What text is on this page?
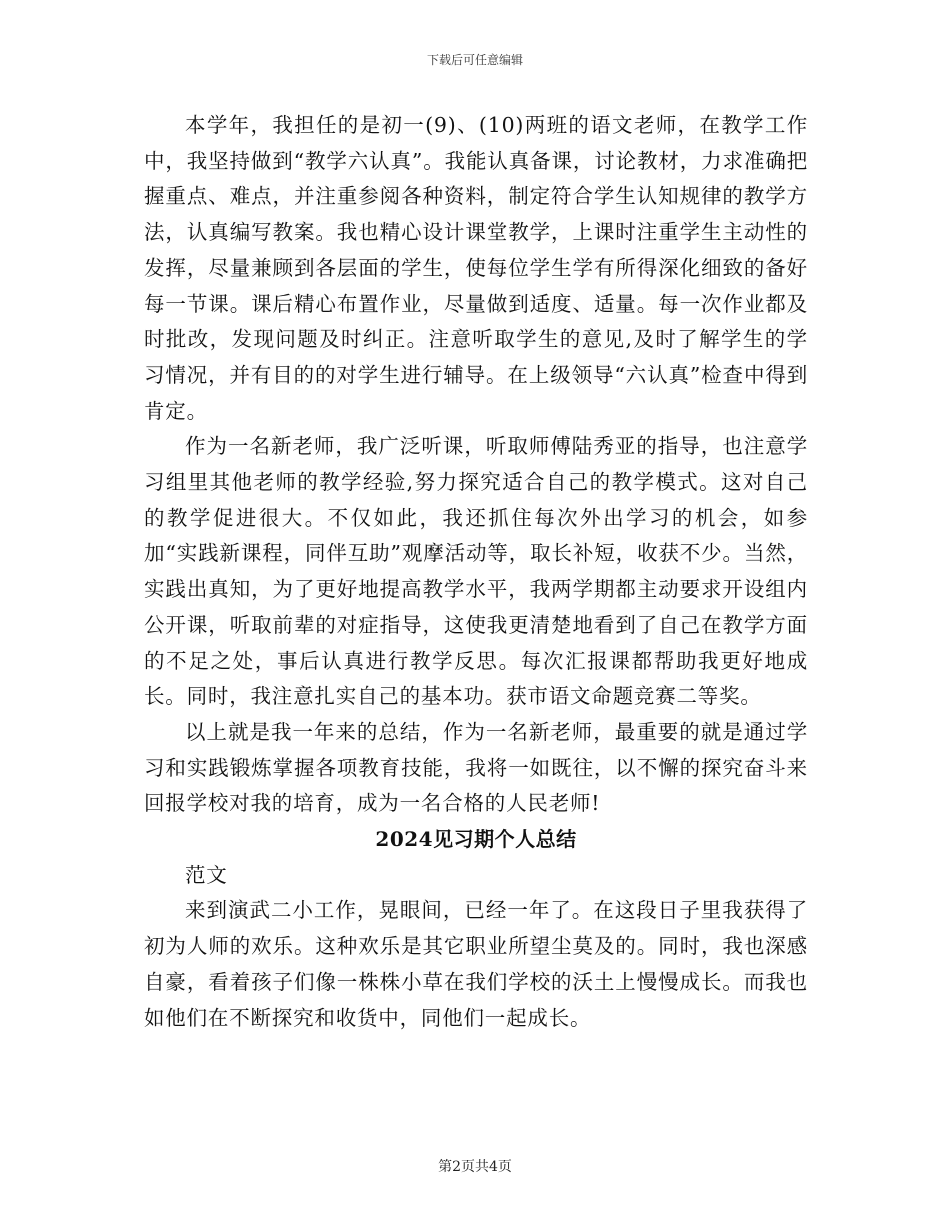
下载后可任意编辑

本学年，我担任的是初一(9)、(10)两班的语文老师，在教学工作中，我坚持做到“教学六认真”。我能认真备课，讨论教材，力求准确把握重点、难点，并注重参阅各种资料，制定符合学生认知规律的教学方法，认真编写教案。我也精心设计课堂教学，上课时注重学生主动性的发挥，尽量兼顾到各层面的学生，使每位学生学有所得深化细致的备好每一节课。课后精心布置作业，尽量做到适度、适量。每一次作业都及时批改，发现问题及时纠正。注意听取学生的意见,及时了解学生的学习情况，并有目的的对学生进行辅导。在上级领导“六认真”检查中得到肯定。

作为一名新老师，我广泛听课，听取师傅陆秀亚的指导，也注意学习组里其他老师的教学经验,努力探究适合自己的教学模式。这对自己的教学促进很大。不仅如此，我还抓住每次外出学习的机会，如参加“实践新课程，同伴互助”观摩活动等，取长补短，收获不少。当然，实践出真知，为了更好地提高教学水平，我两学期都主动要求开设组内公开课，听取前辈的对症指导，这使我更清楚地看到了自己在教学方面的不足之处，事后认真进行教学反思。每次汇报课都帮助我更好地成长。同时，我注意扎实自己的基本功。获市语文命题竞赛二等奖。

以上就是我一年来的总结，作为一名新老师，最重要的就是通过学习和实践锻炼掌握各项教育技能，我将一如既往，以不懈的探究奋斗来回报学校对我的培育，成为一名合格的人民老师!

2024见习期个人总结

范文

来到演武二小工作，晃眼间，已经一年了。在这段日子里我获得了初为人师的欢乐。这种欢乐是其它职业所望尘莫及的。同时，我也深感自豪，看着孩子们像一株株小草在我们学校的沃土上慢慢成长。而我也如他们在不断探究和收货中，同他们一起成长。

第2页共4页
